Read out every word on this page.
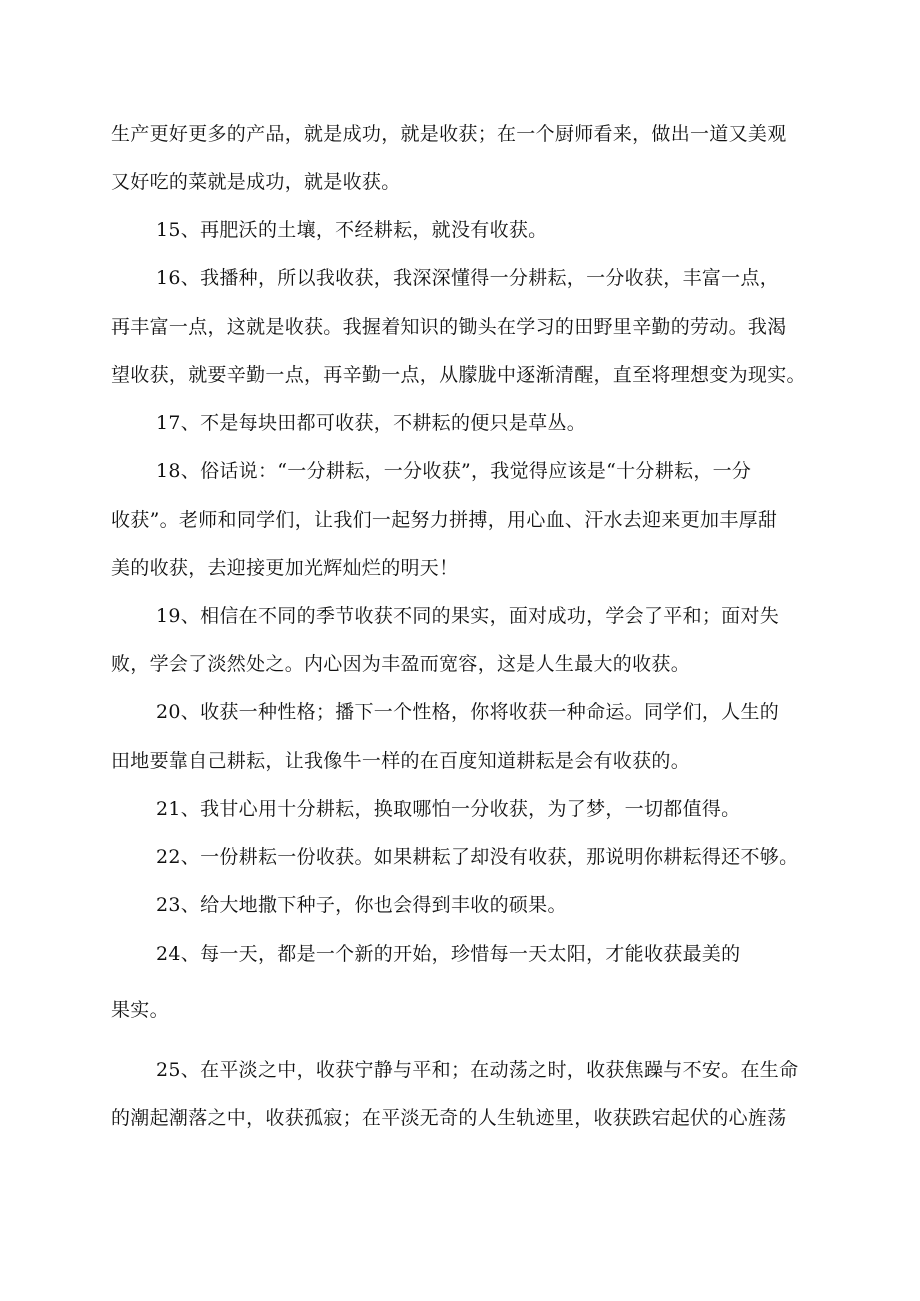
生产更好更多的产品，就是成功，就是收获；在一个厨师看来，做出一道又美观
又好吃的菜就是成功，就是收获。
15、再肥沃的土壤，不经耕耘，就没有收获。
16、我播种，所以我收获，我深深懂得一分耕耘，一分收获，丰富一点，
再丰富一点，这就是收获。我握着知识的锄头在学习的田野里辛勤的劳动。我渴
望收获，就要辛勤一点，再辛勤一点，从朦胧中逐渐清醒，直至将理想变为现实。
17、不是每块田都可收获，不耕耘的便只是草丛。
18、俗话说：“一分耕耘，一分收获”，我觉得应该是“十分耕耘，一分
收获”。老师和同学们，让我们一起努力拼搏，用心血、汗水去迎来更加丰厚甜
美的收获，去迎接更加光辉灿烂的明天！
19、相信在不同的季节收获不同的果实，面对成功，学会了平和；面对失
败，学会了淡然处之。内心因为丰盈而宽容，这是人生最大的收获。
20、收获一种性格；播下一个性格，你将收获一种命运。同学们，人生的
田地要靠自己耕耘，让我像牛一样的在百度知道耕耘是会有收获的。
21、我甘心用十分耕耘，换取哪怕一分收获，为了梦，一切都值得。
22、一份耕耘一份收获。如果耕耘了却没有收获，那说明你耕耘得还不够。
23、给大地撒下种子，你也会得到丰收的硕果。
24、每一天，都是一个新的开始，珍惜每一天太阳，才能收获最美的
果实。
25、在平淡之中，收获宁静与平和；在动荡之时，收获焦躁与不安。在生命
的潮起潮落之中，收获孤寂；在平淡无奇的人生轨迹里，收获跌宕起伏的心旌荡
